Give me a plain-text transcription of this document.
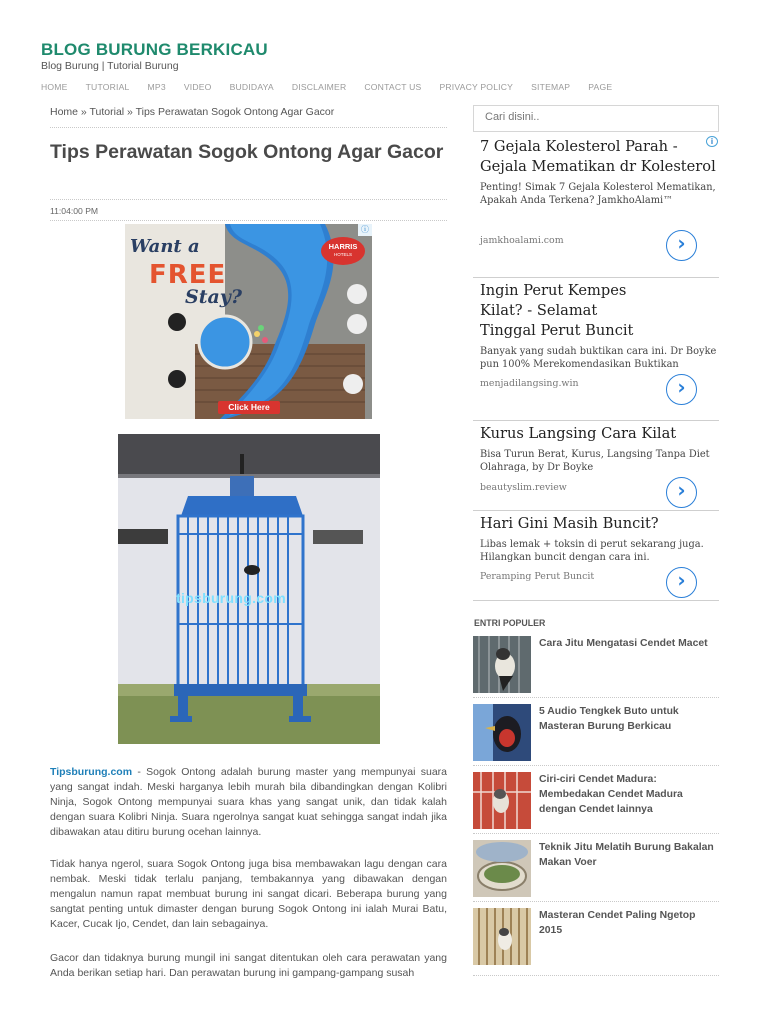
BLOG BURUNG BERKICAU
Blog Burung | Tutorial Burung
HOME TUTORIAL MP3 VIDEO BUDIDAYA DISCLAIMER CONTACT US PRIVACY POLICY SITEMAP PAGE
Home » Tutorial » Tips Perawatan Sogok Ontong Agar Gacor
Tips Perawatan Sogok Ontong Agar Gacor
11:04:00 PM
Want a
FREE
Stay?
HARRIS
HOTELS
Click Here
ⓘ
tipsburung.com

Tipsburung.com - Sogok Ontong adalah burung master yang mempunyai suara yang sangat indah. Meski harganya lebih murah bila dibandingkan dengan Kolibri Ninja, Sogok Ontong mempunyai suara khas yang sangat unik, dan tidak kalah dengan suara Kolibri Ninja. Suara ngerolnya sangat kuat sehingga sangat indah jika dibawakan atau ditiru burung ocehan lainnya.

Tidak hanya ngerol, suara Sogok Ontong juga bisa membawakan lagu dengan cara nembak. Meski tidak terlalu panjang, tembakannya yang dibawakan dengan mengalun namun rapat membuat burung ini sangat dicari. Beberapa burung yang sangtat penting untuk dimaster dengan burung Sogok Ontong ini ialah Murai Batu, Kacer, Cucak Ijo, Cendet, dan lain sebagainya.

Gacor dan tidaknya burung mungil ini sangat ditentukan oleh cara perawatan yang Anda berikan setiap hari. Dan perawatan burung ini gampang-gampang susah

Cari disini..
i
7 Gejala Kolesterol Parah - Gejala Mematikan dr Kolesterol
Penting! Simak 7 Gejala Kolesterol Mematikan, Apakah Anda Terkena? JamkhoAlami™
jamkhoalami.com	›
Ingin Perut Kempes Kilat? - Selamat Tinggal Perut Buncit
Banyak yang sudah buktikan cara ini. Dr Boyke pun 100% Merekomendasikan Buktikan
menjadilangsing.win	›
Kurus Langsing Cara Kilat
Bisa Turun Berat, Kurus, Langsing Tanpa Diet Olahraga, by Dr Boyke
beautyslim.review	›
Hari Gini Masih Buncit?
Libas lemak + toksin di perut sekarang juga. Hilangkan buncit dengan cara ini.
Peramping Perut Buncit	›
ENTRI POPULER
Cara Jitu Mengatasi Cendet Macet
5 Audio Tengkek Buto untuk Masteran Burung Berkicau
Ciri-ciri Cendet Madura: Membedakan Cendet Madura dengan Cendet lainnya
Teknik Jitu Melatih Burung Bakalan Makan Voer
Masteran Cendet Paling Ngetop 2015
